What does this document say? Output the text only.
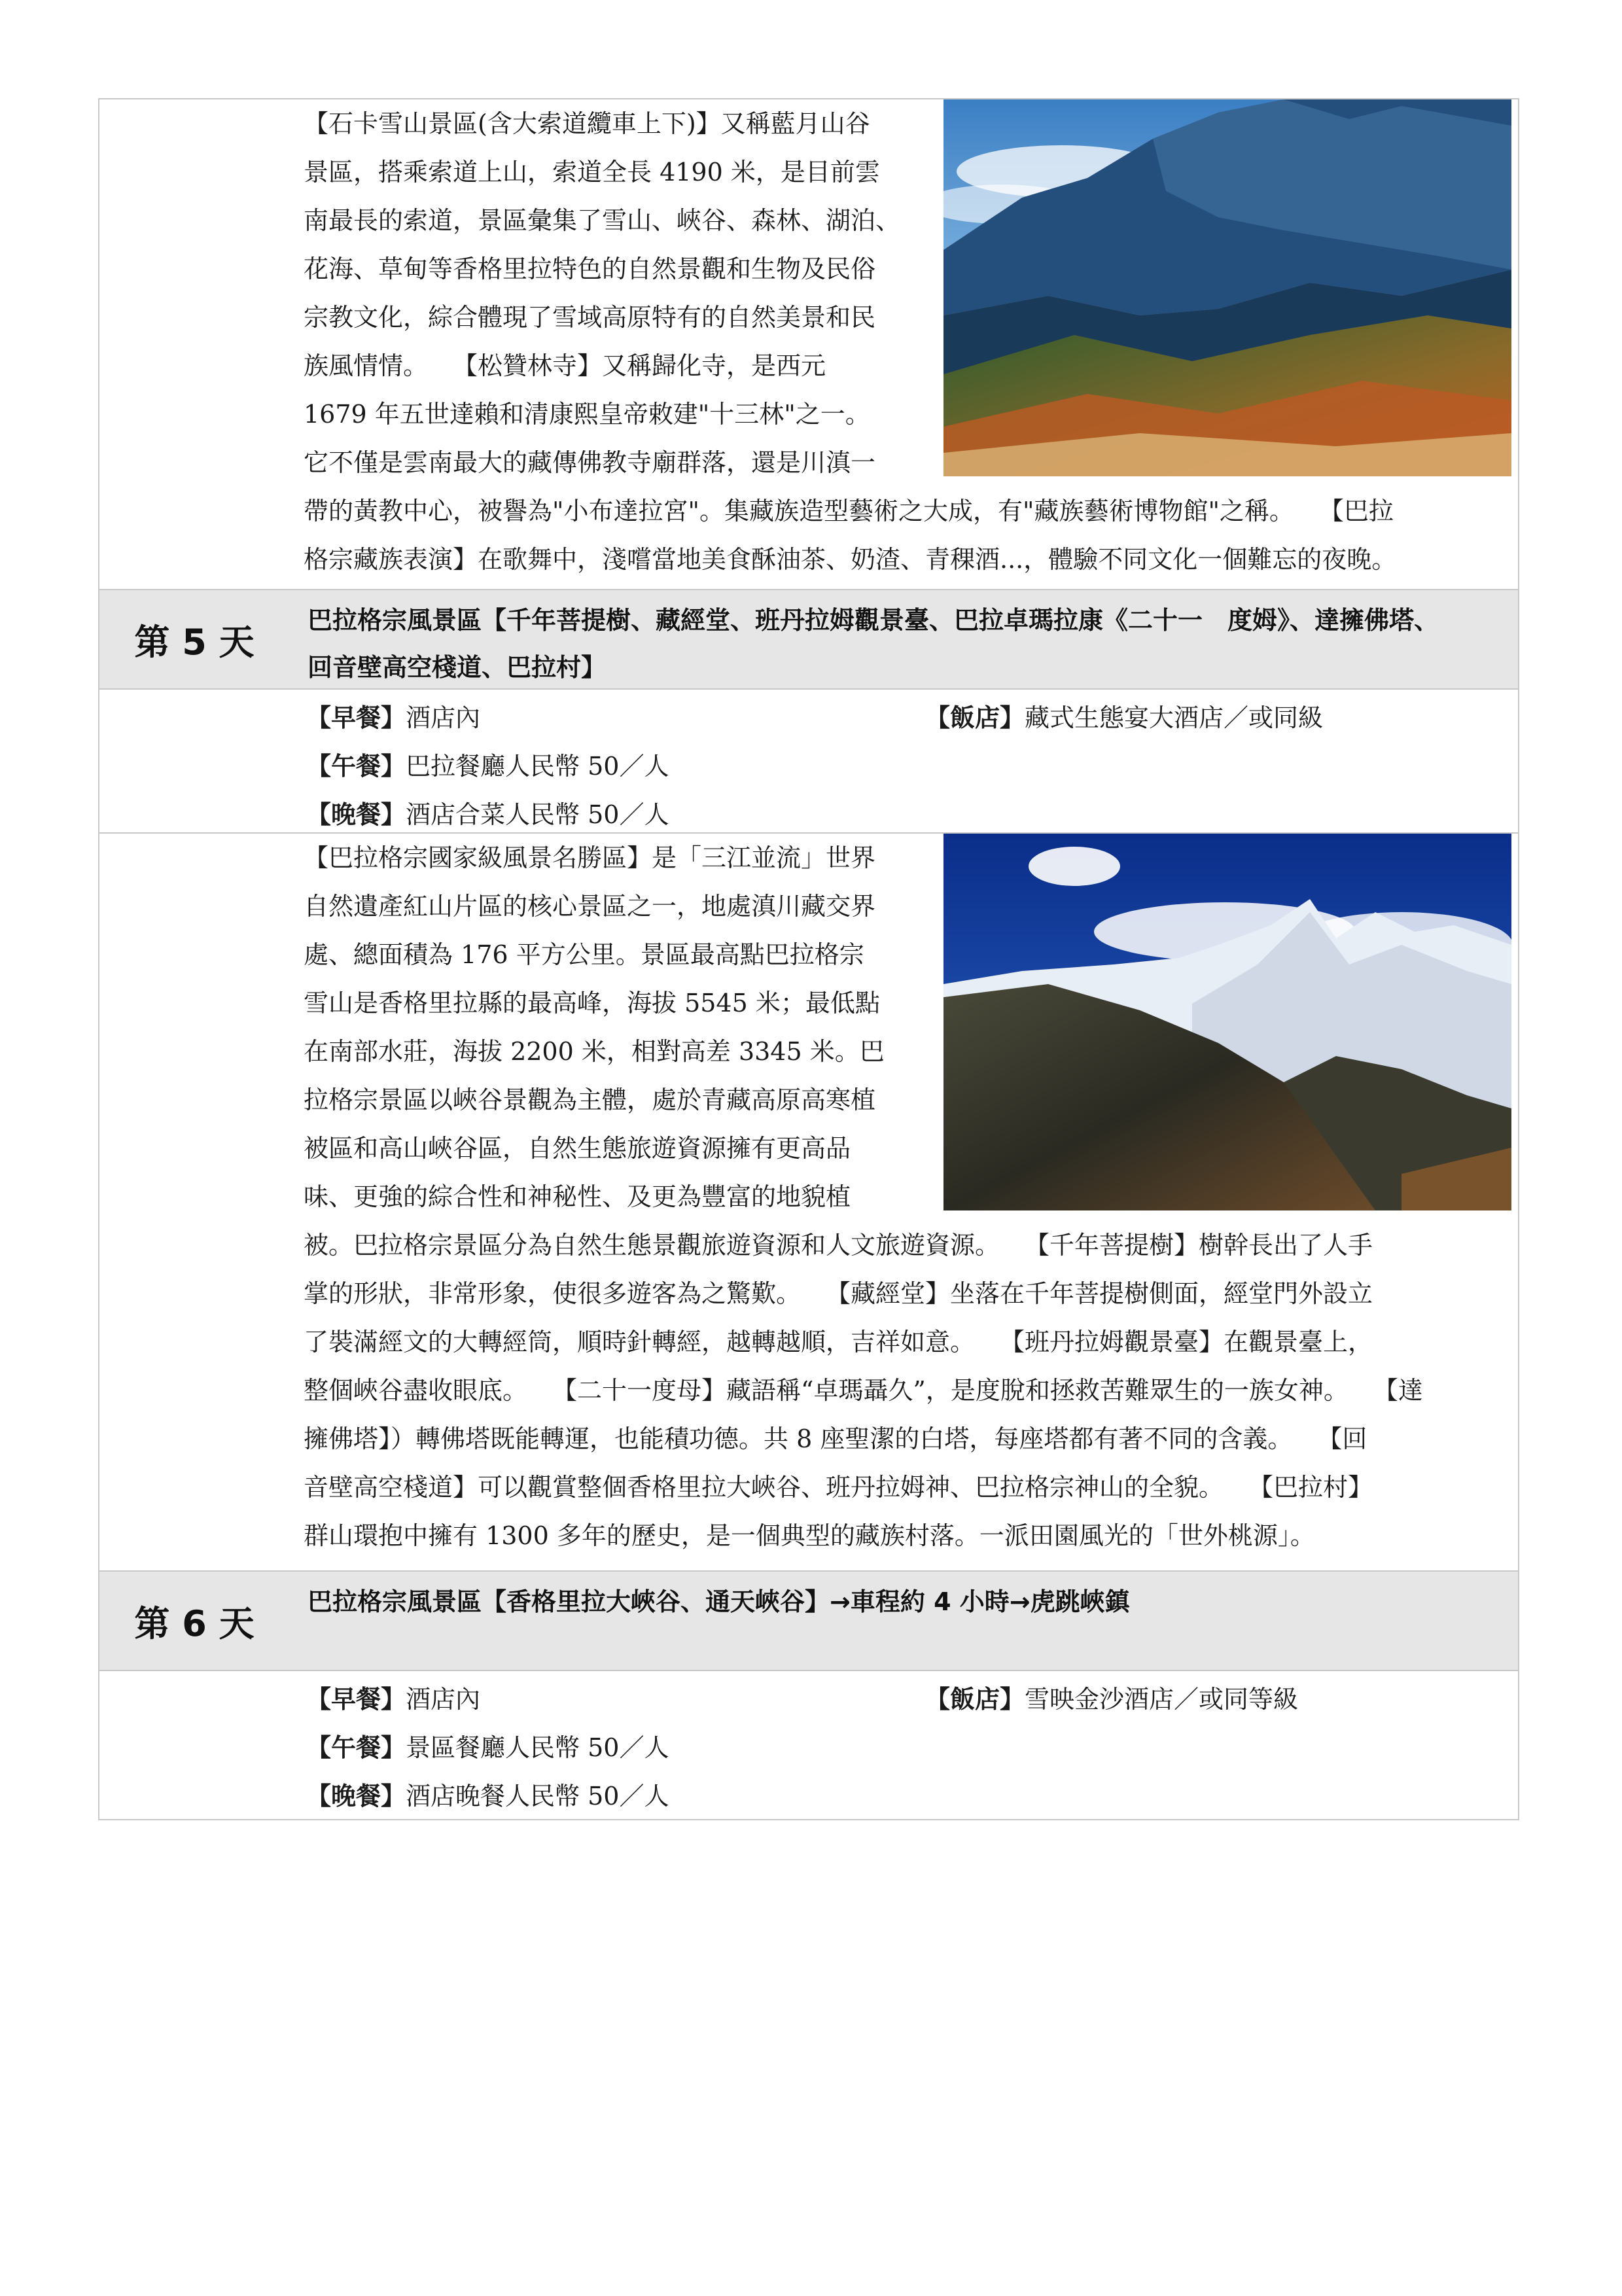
【石卡雪山景區(含大索道纜車上下)】又稱藍月山谷
景區，搭乘索道上山，索道全長 4190 米，是目前雲
南最長的索道，景區彙集了雪山、峽谷、森林、湖泊、
花海、草甸等香格里拉特色的自然景觀和生物及民俗
宗教文化，綜合體現了雪域高原特有的自然美景和民
族風情情。　　【松贊林寺】又稱歸化寺，是西元
1679 年五世達賴和清康熙皇帝敕建"十三林"之一。
它不僅是雲南最大的藏傳佛教寺廟群落，還是川滇一
帶的黃教中心，被譽為"小布達拉宮"。集藏族造型藝術之大成，有"藏族藝術博物館"之稱。　　【巴拉
格宗藏族表演】在歌舞中，淺嚐當地美食酥油茶、奶渣、青稞酒...，體驗不同文化一個難忘的夜晚。

第 5 天
巴拉格宗風景區【千年菩提樹、藏經堂、班丹拉姆觀景臺、巴拉卓瑪拉康《二十一　度姆》、達擁佛塔、
回音壁高空棧道、巴拉村】
【早餐】酒店內	【飯店】藏式生態宴大酒店／或同級
【午餐】巴拉餐廳人民幣 50／人
【晚餐】酒店合菜人民幣 50／人

【巴拉格宗國家級風景名勝區】是「三江並流」世界
自然遺產紅山片區的核心景區之一，地處滇川藏交界
處、總面積為 176 平方公里。景區最高點巴拉格宗
雪山是香格里拉縣的最高峰，海拔 5545 米；最低點
在南部水莊，海拔 2200 米，相對高差 3345 米。巴
拉格宗景區以峽谷景觀為主體，處於青藏高原高寒植
被區和高山峽谷區，自然生態旅遊資源擁有更高品
味、更強的綜合性和神秘性、及更為豐富的地貌植
被。巴拉格宗景區分為自然生態景觀旅遊資源和人文旅遊資源。　　【千年菩提樹】樹幹長出了人手
掌的形狀，非常形象，使很多遊客為之驚歎。　　【藏經堂】坐落在千年菩提樹側面，經堂門外設立
了裝滿經文的大轉經筒，順時針轉經，越轉越順，吉祥如意。　　【班丹拉姆觀景臺】在觀景臺上，
整個峽谷盡收眼底。　　【二十一度母】藏語稱“卓瑪聶久”，是度脫和拯救苦難眾生的一族女神。　　【達
擁佛塔】）轉佛塔既能轉運，也能積功德。共 8 座聖潔的白塔，每座塔都有著不同的含義。　　【回
音壁高空棧道】可以觀賞整個香格里拉大峽谷、班丹拉姆神、巴拉格宗神山的全貌。　　【巴拉村】
群山環抱中擁有 1300 多年的歷史，是一個典型的藏族村落。一派田園風光的「世外桃源」。

第 6 天
巴拉格宗風景區【香格里拉大峽谷、通天峽谷】→車程約 4 小時→虎跳峽鎮
【早餐】酒店內	【飯店】雪映金沙酒店／或同等級
【午餐】景區餐廳人民幣 50／人
【晚餐】酒店晚餐人民幣 50／人
